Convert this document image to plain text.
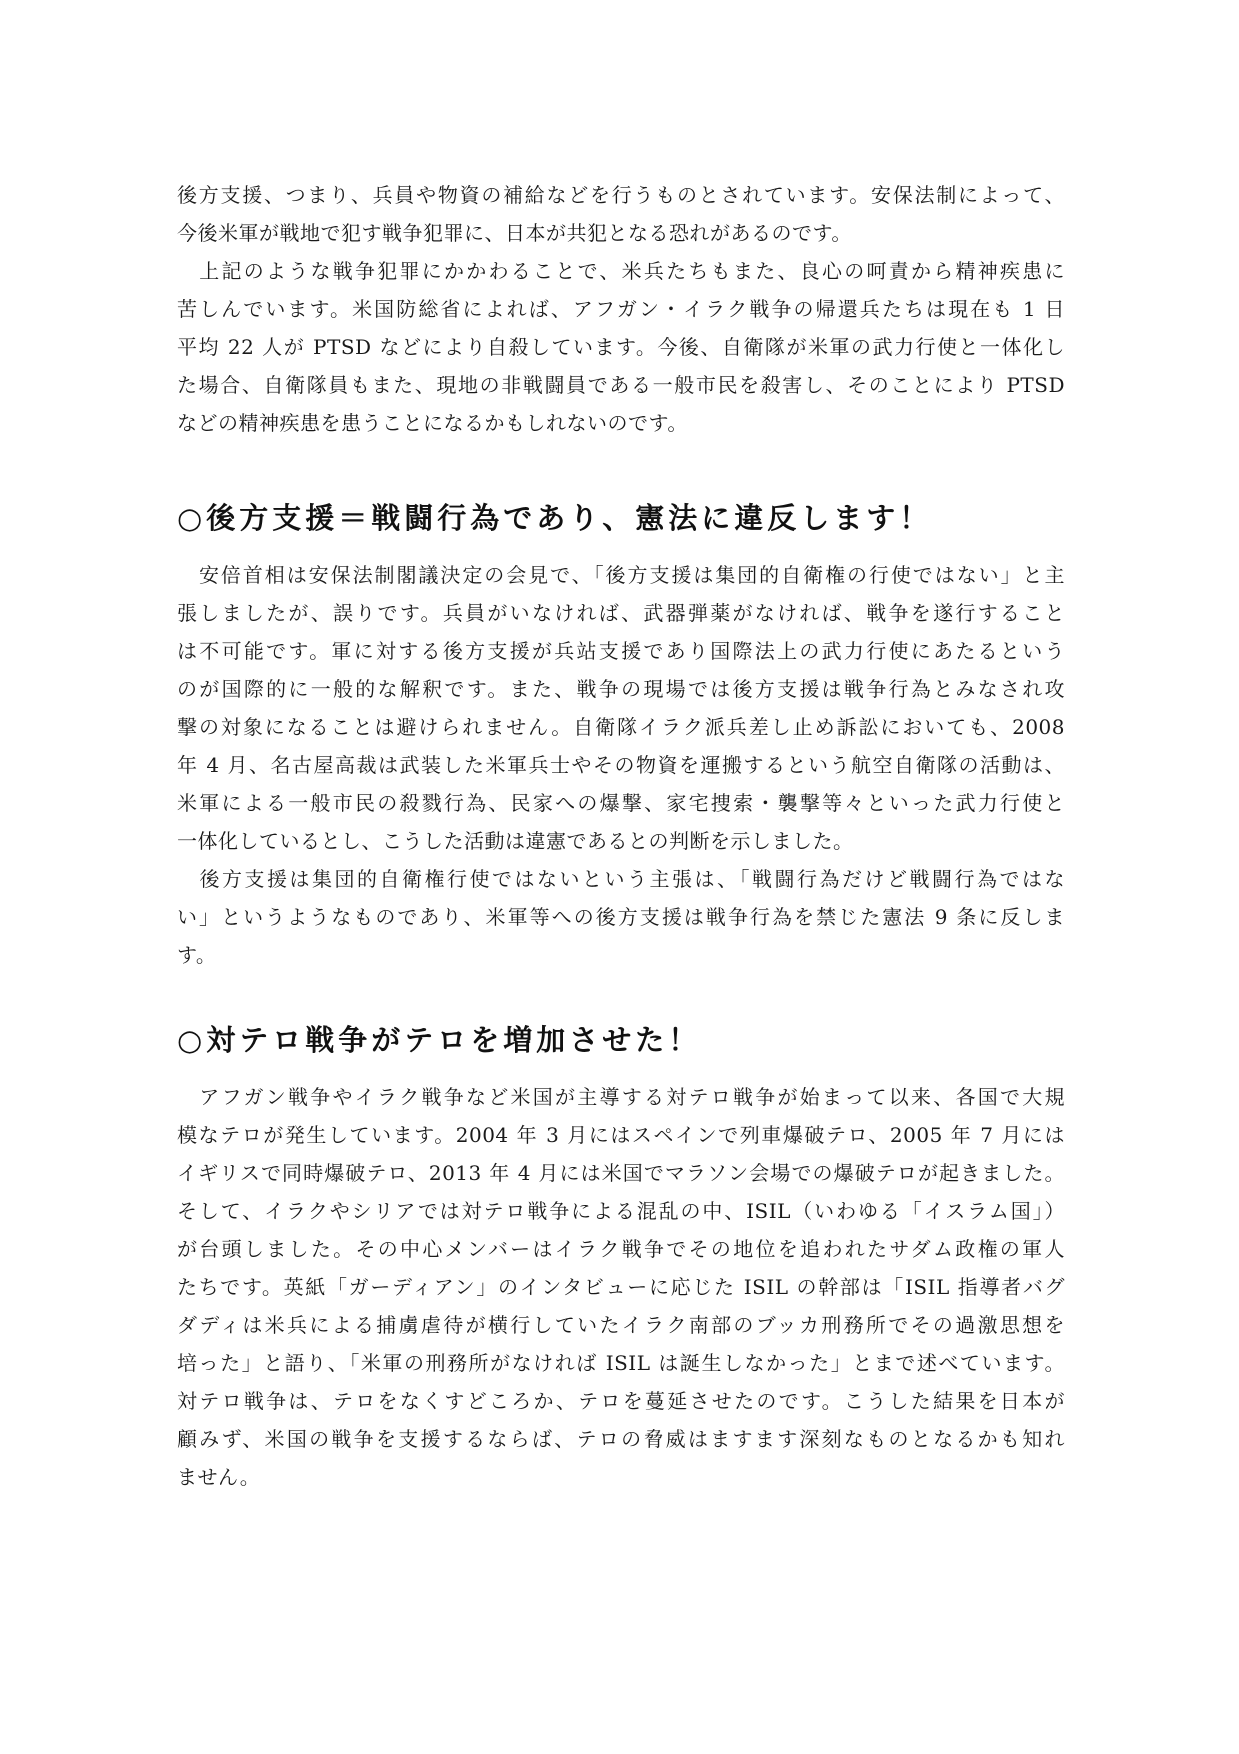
後方支援、つまり、兵員や物資の補給などを行うものとされています。安保法制によって、
今後米軍が戦地で犯す戦争犯罪に、日本が共犯となる恐れがあるのです。
　上記のような戦争犯罪にかかわることで、米兵たちもまた、良心の呵責から精神疾患に
苦しんでいます。米国防総省によれば、アフガン・イラク戦争の帰還兵たちは現在も 1 日
平均 22 人が PTSD などにより自殺しています。今後、自衛隊が米軍の武力行使と一体化し
た場合、自衛隊員もまた、現地の非戦闘員である一般市民を殺害し、そのことにより PTSD
などの精神疾患を患うことになるかもしれないのです。
○後方支援＝戦闘行為であり、憲法に違反します！
　安倍首相は安保法制閣議決定の会見で、「後方支援は集団的自衛権の行使ではない」と主
張しましたが、誤りです。兵員がいなければ、武器弾薬がなければ、戦争を遂行すること
は不可能です。軍に対する後方支援が兵站支援であり国際法上の武力行使にあたるという
のが国際的に一般的な解釈です。また、戦争の現場では後方支援は戦争行為とみなされ攻
撃の対象になることは避けられません。自衛隊イラク派兵差し止め訴訟においても、2008
年 4 月、名古屋高裁は武装した米軍兵士やその物資を運搬するという航空自衛隊の活動は、
米軍による一般市民の殺戮行為、民家への爆撃、家宅捜索・襲撃等々といった武力行使と
一体化しているとし、こうした活動は違憲であるとの判断を示しました。
　後方支援は集団的自衛権行使ではないという主張は、「戦闘行為だけど戦闘行為ではな
い」というようなものであり、米軍等への後方支援は戦争行為を禁じた憲法 9 条に反しま
す。
○対テロ戦争がテロを増加させた！
　アフガン戦争やイラク戦争など米国が主導する対テロ戦争が始まって以来、各国で大規
模なテロが発生しています。2004 年 3 月にはスペインで列車爆破テロ、2005 年 7 月には
イギリスで同時爆破テロ、2013 年 4 月には米国でマラソン会場での爆破テロが起きました。
そして、イラクやシリアでは対テロ戦争による混乱の中、ISIL（いわゆる「イスラム国」）
が台頭しました。その中心メンバーはイラク戦争でその地位を追われたサダム政権の軍人
たちです。英紙「ガーディアン」のインタビューに応じた ISIL の幹部は「ISIL 指導者バグ
ダディは米兵による捕虜虐待が横行していたイラク南部のブッカ刑務所でその過激思想を
培った」と語り、「米軍の刑務所がなければ ISIL は誕生しなかった」とまで述べています。
対テロ戦争は、テロをなくすどころか、テロを蔓延させたのです。こうした結果を日本が
顧みず、米国の戦争を支援するならば、テロの脅威はますます深刻なものとなるかも知れ
ません。
